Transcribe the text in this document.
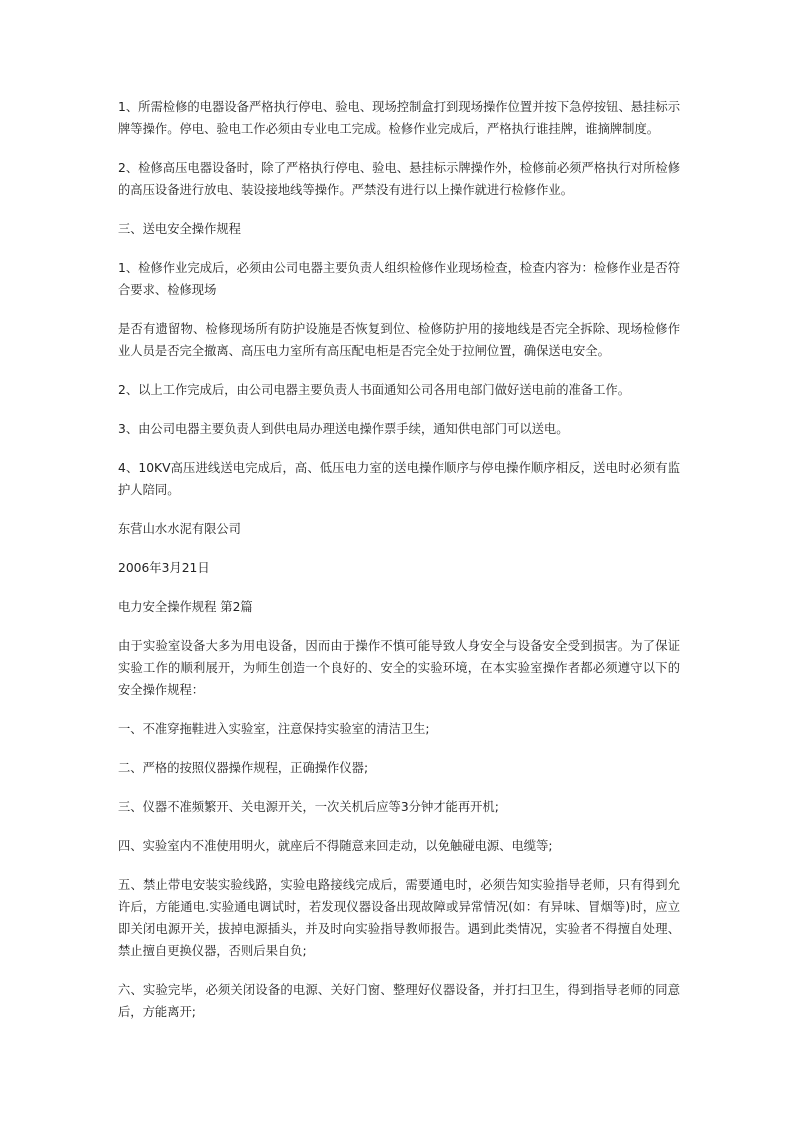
1、所需检修的电器设备严格执行停电、验电、现场控制盒打到现场操作位置并按下急停按钮、悬挂标示牌等操作。停电、验电工作必须由专业电工完成。检修作业完成后，严格执行谁挂牌，谁摘牌制度。

2、检修高压电器设备时，除了严格执行停电、验电、悬挂标示牌操作外，检修前必须严格执行对所检修的高压设备进行放电、装设接地线等操作。严禁没有进行以上操作就进行检修作业。

三、送电安全操作规程

1、检修作业完成后，必须由公司电器主要负责人组织检修作业现场检查，检查内容为：检修作业是否符合要求、检修现场

是否有遗留物、检修现场所有防护设施是否恢复到位、检修防护用的接地线是否完全拆除、现场检修作业人员是否完全撤离、高压电力室所有高压配电柜是否完全处于拉闸位置，确保送电安全。

2、以上工作完成后，由公司电器主要负责人书面通知公司各用电部门做好送电前的准备工作。

3、由公司电器主要负责人到供电局办理送电操作票手续，通知供电部门可以送电。

4、10KV高压进线送电完成后，高、低压电力室的送电操作顺序与停电操作顺序相反，送电时必须有监护人陪同。

东营山水水泥有限公司

2006年3月21日

电力安全操作规程 第2篇

由于实验室设备大多为用电设备，因而由于操作不慎可能导致人身安全与设备安全受到损害。为了保证实验工作的顺利展开，为师生创造一个良好的、安全的实验环境，在本实验室操作者都必须遵守以下的安全操作规程：

一、不准穿拖鞋进入实验室，注意保持实验室的清洁卫生;

二、严格的按照仪器操作规程，正确操作仪器;

三、仪器不准频繁开、关电源开关，一次关机后应等3分钟才能再开机;

四、实验室内不准使用明火，就座后不得随意来回走动，以免触碰电源、电缆等;

五、禁止带电安装实验线路，实验电路接线完成后，需要通电时，必须告知实验指导老师，只有得到允许后，方能通电.实验通电调试时，若发现仪器设备出现故障或异常情况(如：有异味、冒烟等)时，应立即关闭电源开关，拔掉电源插头，并及时向实验指导教师报告。遇到此类情况，实验者不得擅自处理、禁止擅自更换仪器，否则后果自负;

六、实验完毕，必须关闭设备的电源、关好门窗、整理好仪器设备，并打扫卫生，得到指导老师的同意后，方能离开;
